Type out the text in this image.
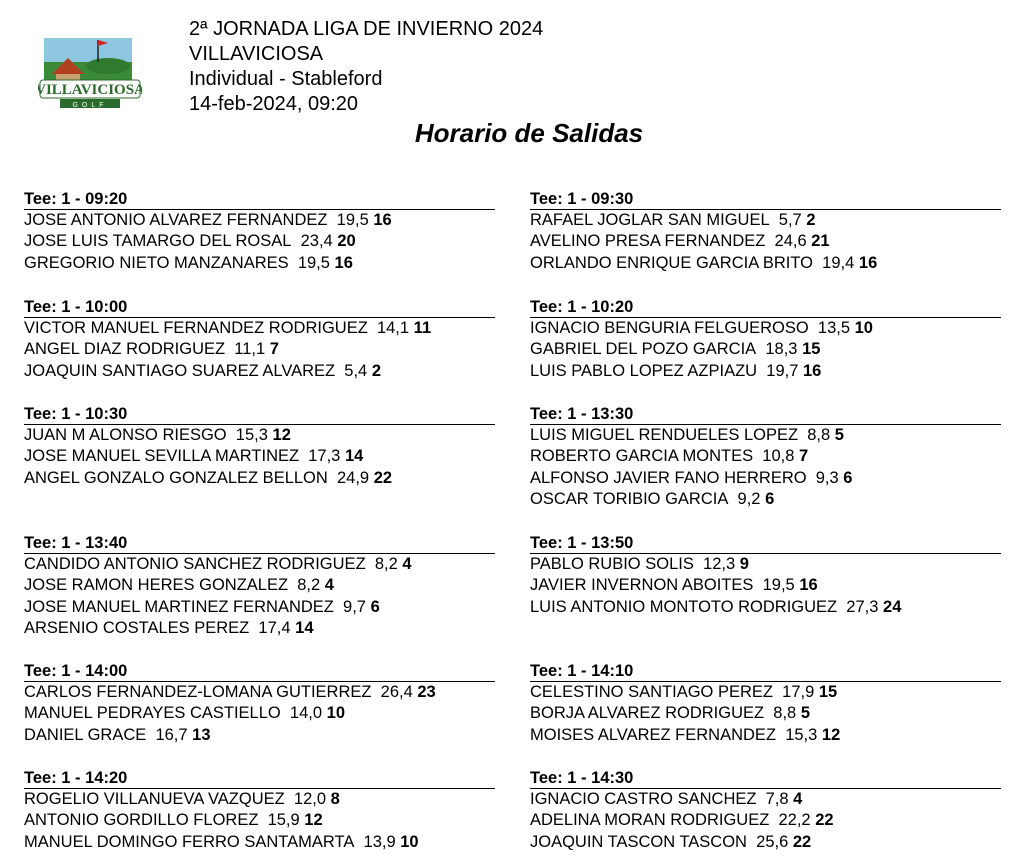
VILLAVICIOSA
GOLF
2ª JORNADA LIGA DE INVIERNO 2024
VILLAVICIOSA
Individual - Stableford
14-feb-2024, 09:20
Horario de Salidas
Tee: 1 - 09:20
JOSE ANTONIO ALVAREZ FERNANDEZ 19,5 16
JOSE LUIS TAMARGO DEL ROSAL 23,4 20
GREGORIO NIETO MANZANARES 19,5 16
Tee: 1 - 09:30
RAFAEL JOGLAR SAN MIGUEL 5,7 2
AVELINO PRESA FERNANDEZ 24,6 21
ORLANDO ENRIQUE GARCIA BRITO 19,4 16
Tee: 1 - 10:00
VICTOR MANUEL FERNANDEZ RODRIGUEZ 14,1 11
ANGEL DIAZ RODRIGUEZ 11,1 7
JOAQUIN SANTIAGO SUAREZ ALVAREZ 5,4 2
Tee: 1 - 10:20
IGNACIO BENGURIA FELGUEROSO 13,5 10
GABRIEL DEL POZO GARCIA 18,3 15
LUIS PABLO LOPEZ AZPIAZU 19,7 16
Tee: 1 - 10:30
JUAN M ALONSO RIESGO 15,3 12
JOSE MANUEL SEVILLA MARTINEZ 17,3 14
ANGEL GONZALO GONZALEZ BELLON 24,9 22
Tee: 1 - 13:30
LUIS MIGUEL RENDUELES LOPEZ 8,8 5
ROBERTO GARCIA MONTES 10,8 7
ALFONSO JAVIER FANO HERRERO 9,3 6
OSCAR TORIBIO GARCIA 9,2 6
Tee: 1 - 13:40
CANDIDO ANTONIO SANCHEZ RODRIGUEZ 8,2 4
JOSE RAMON HERES GONZALEZ 8,2 4
JOSE MANUEL MARTINEZ FERNANDEZ 9,7 6
ARSENIO COSTALES PEREZ 17,4 14
Tee: 1 - 13:50
PABLO RUBIO SOLIS 12,3 9
JAVIER INVERNON ABOITES 19,5 16
LUIS ANTONIO MONTOTO RODRIGUEZ 27,3 24
Tee: 1 - 14:00
CARLOS FERNANDEZ-LOMANA GUTIERREZ 26,4 23
MANUEL PEDRAYES CASTIELLO 14,0 10
DANIEL GRACE 16,7 13
Tee: 1 - 14:10
CELESTINO SANTIAGO PEREZ 17,9 15
BORJA ALVAREZ RODRIGUEZ 8,8 5
MOISES ALVAREZ FERNANDEZ 15,3 12
Tee: 1 - 14:20
ROGELIO VILLANUEVA VAZQUEZ 12,0 8
ANTONIO GORDILLO FLOREZ 15,9 12
MANUEL DOMINGO FERRO SANTAMARTA 13,9 10
Tee: 1 - 14:30
IGNACIO CASTRO SANCHEZ 7,8 4
ADELINA MORAN RODRIGUEZ 22,2 22
JOAQUIN TASCON TASCON 25,6 22
